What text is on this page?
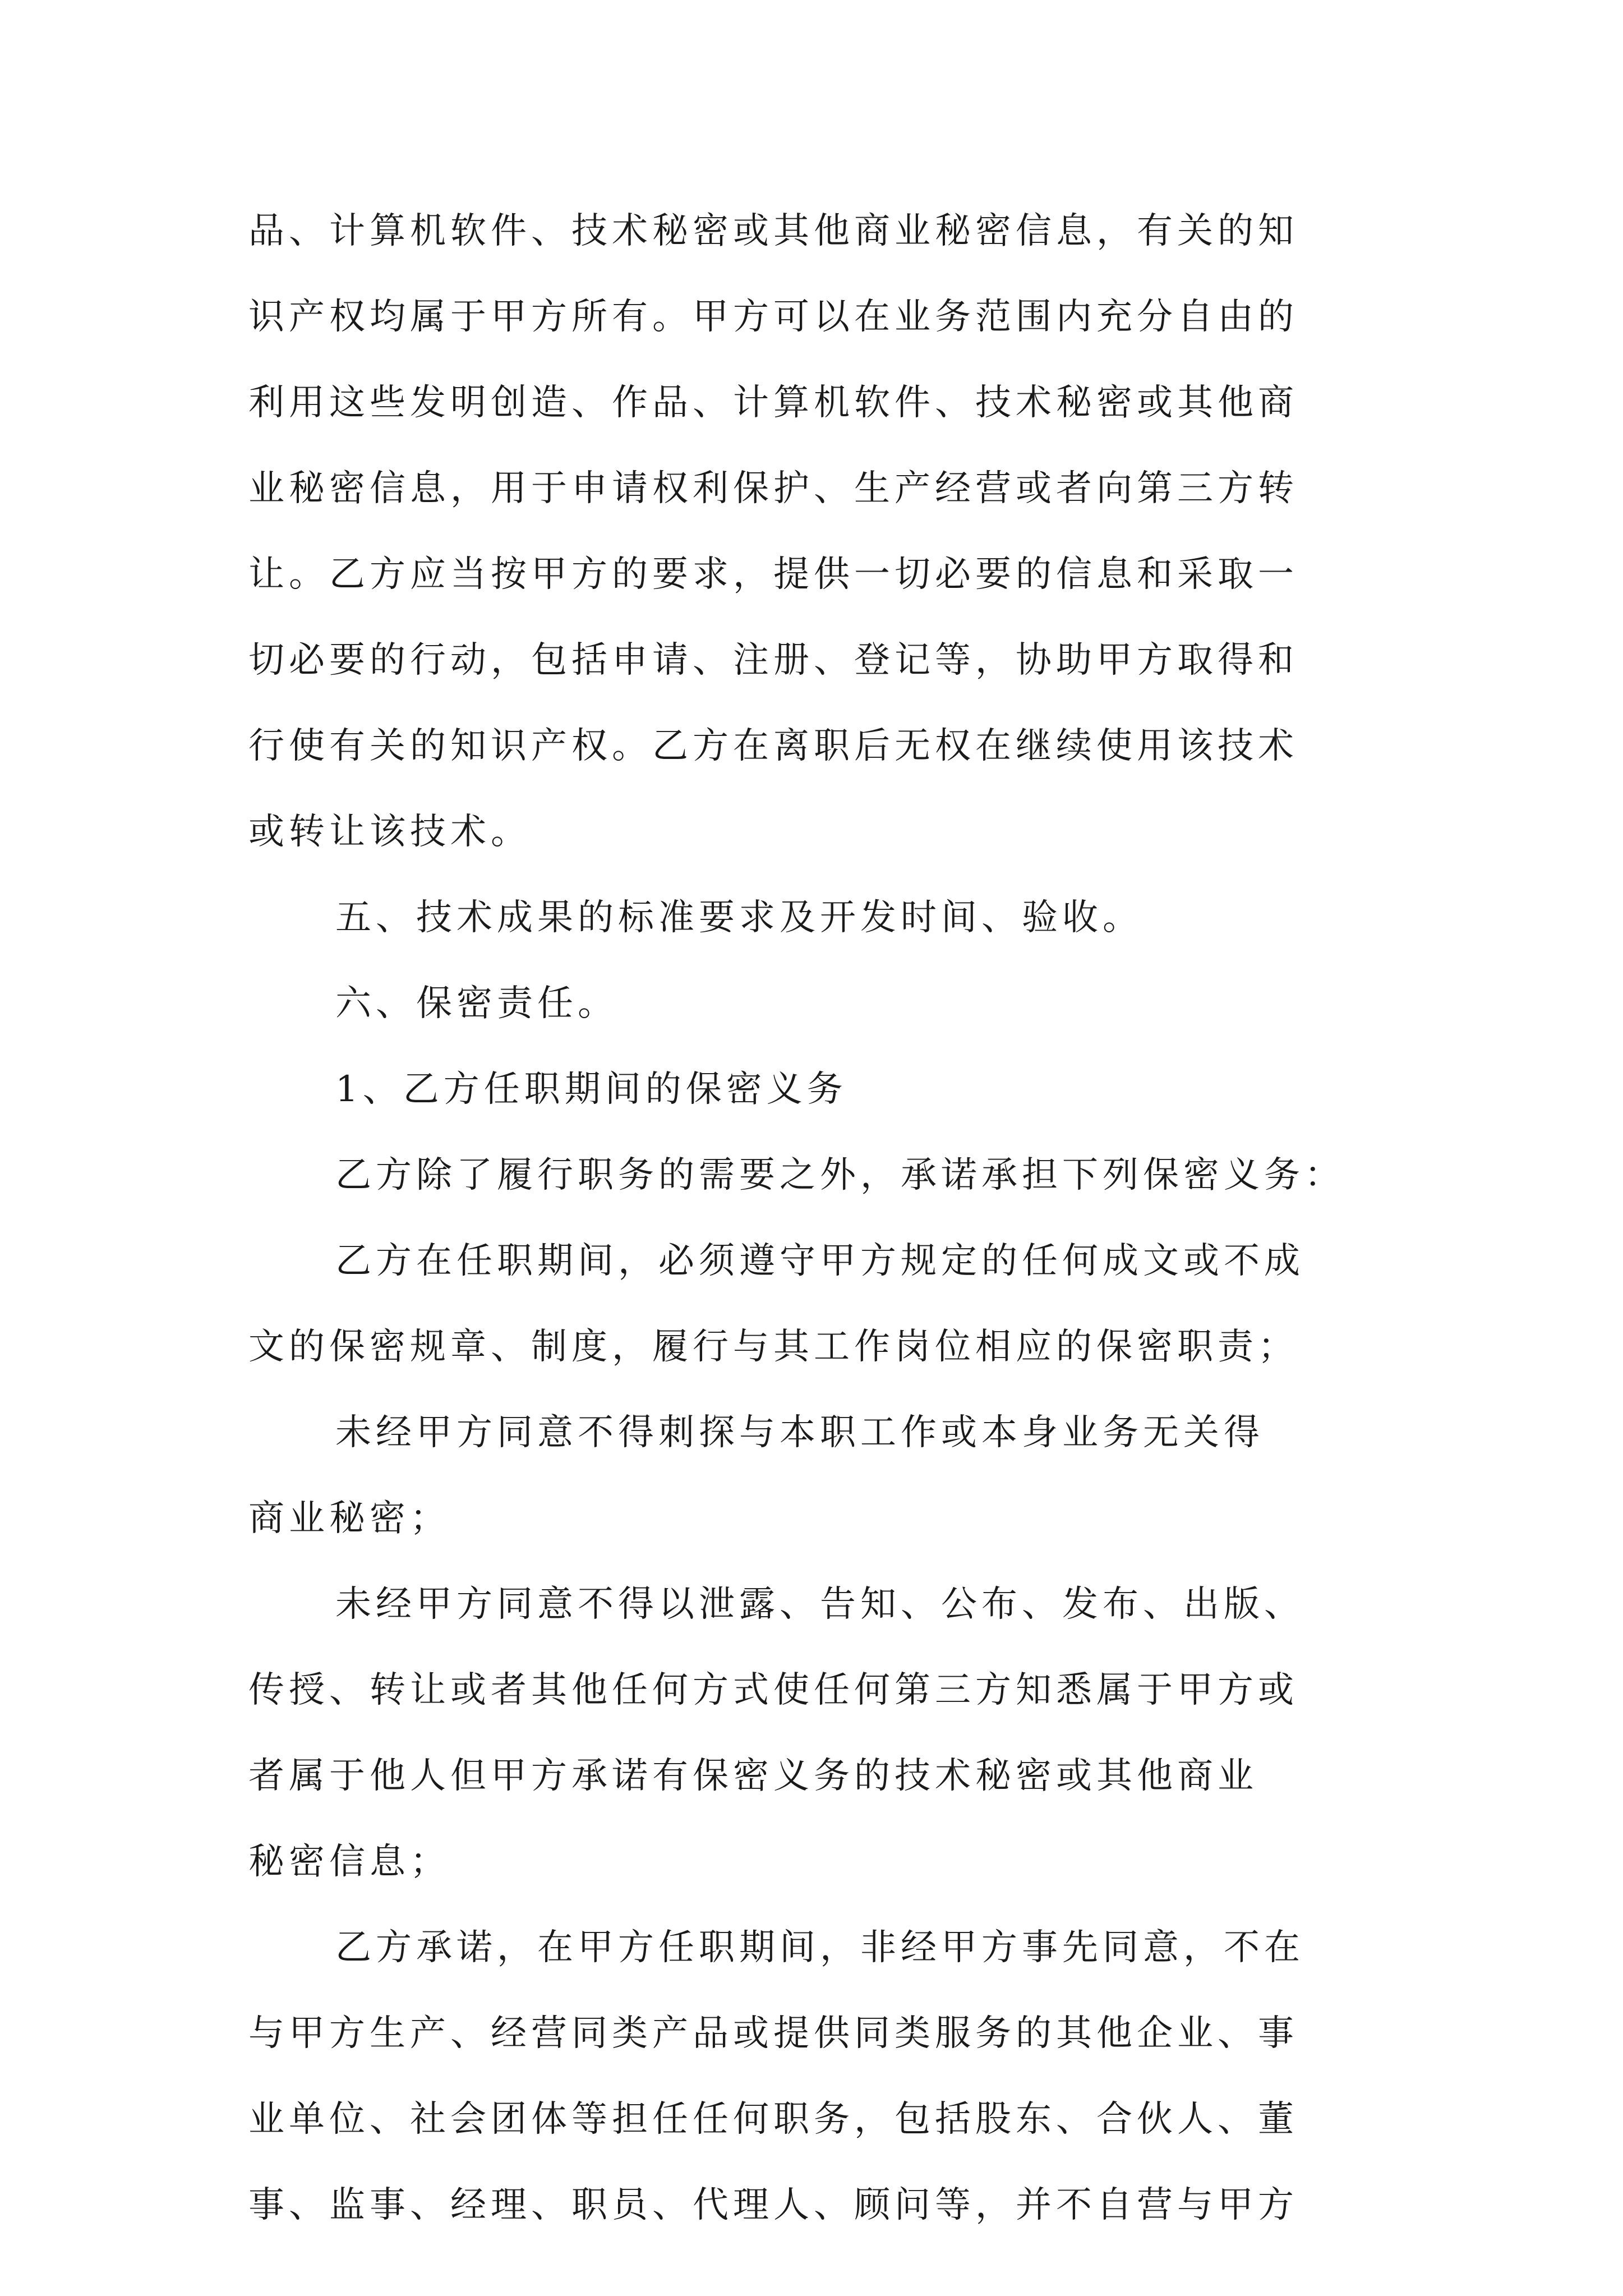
品、计算机软件、技术秘密或其他商业秘密信息，有关的知
识产权均属于甲方所有。甲方可以在业务范围内充分自由的
利用这些发明创造、作品、计算机软件、技术秘密或其他商
业秘密信息，用于申请权利保护、生产经营或者向第三方转
让。乙方应当按甲方的要求，提供一切必要的信息和采取一
切必要的行动，包括申请、注册、登记等，协助甲方取得和
行使有关的知识产权。乙方在离职后无权在继续使用该技术
或转让该技术。
五、技术成果的标准要求及开发时间、验收。
六、保密责任。
1、乙方任职期间的保密义务
乙方除了履行职务的需要之外，承诺承担下列保密义务：
乙方在任职期间，必须遵守甲方规定的任何成文或不成
文的保密规章、制度，履行与其工作岗位相应的保密职责；
未经甲方同意不得刺探与本职工作或本身业务无关得
商业秘密；
未经甲方同意不得以泄露、告知、公布、发布、出版、
传授、转让或者其他任何方式使任何第三方知悉属于甲方或
者属于他人但甲方承诺有保密义务的技术秘密或其他商业
秘密信息；
乙方承诺，在甲方任职期间，非经甲方事先同意，不在
与甲方生产、经营同类产品或提供同类服务的其他企业、事
业单位、社会团体等担任任何职务，包括股东、合伙人、董
事、监事、经理、职员、代理人、顾问等，并不自营与甲方
